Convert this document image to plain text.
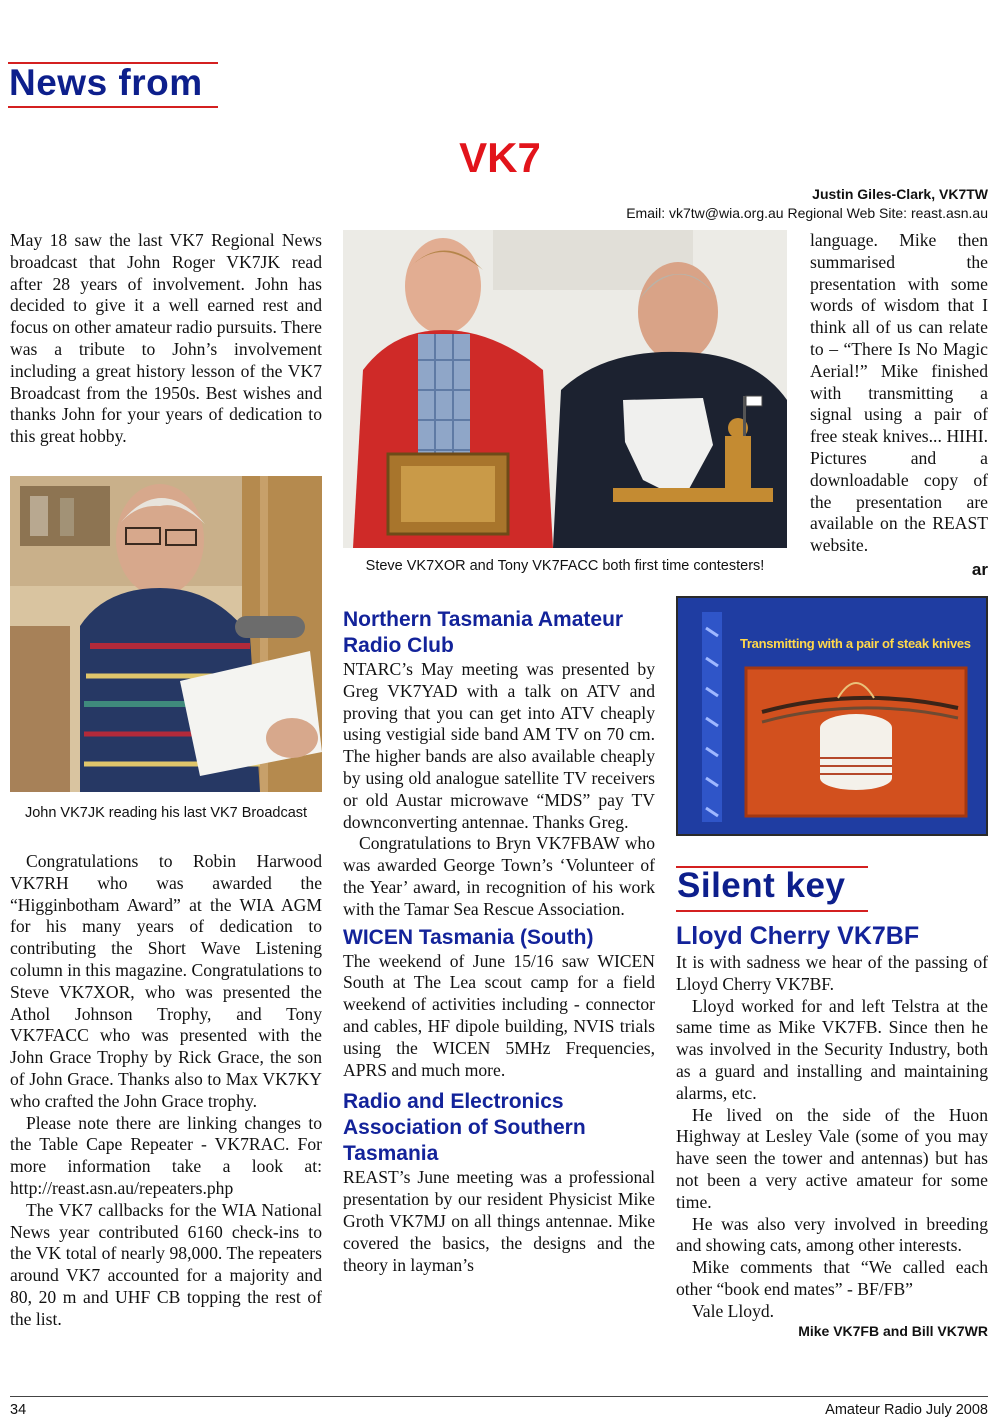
News from
VK7
Justin Giles-Clark, VK7TW
Email: vk7tw@wia.org.au Regional Web Site: reast.asn.au

May 18 saw the last VK7 Regional News broadcast that John Roger VK7JK read after 28 years of involvement. John has decided to give it a well earned rest and focus on other amateur radio pursuits. There was a tribute to John’s involvement including a great history lesson of the VK7 Broadcast from the 1950s. Best wishes and thanks John for your years of dedication to this great hobby.

John VK7JK reading his last VK7 Broadcast

Congratulations to Robin Harwood VK7RH who was awarded the “Higginbotham Award” at the WIA AGM for his many years of dedication to contributing the Short Wave Listening column in this magazine. Congratulations to Steve VK7XOR, who was presented the Athol Johnson Trophy, and Tony VK7FACC who was presented with the John Grace Trophy by Rick Grace, the son of John Grace. Thanks also to Max VK7KY who crafted the John Grace trophy.

Please note there are linking changes to the Table Cape Repeater - VK7RAC. For more information take a look at: http://reast.asn.au/repeaters.php

The VK7 callbacks for the WIA National News year contributed 6160 check-ins to the VK total of nearly 98,000. The repeaters around VK7 accounted for a majority and 80, 20 m and UHF CB topping the rest of the list.

Steve VK7XOR and Tony VK7FACC both first time contesters!
Northern Tasmania Amateur Radio Club

NTARC’s May meeting was presented by Greg VK7YAD with a talk on ATV and proving that you can get into ATV cheaply using vestigial side band AM TV on 70 cm. The higher bands are also available cheaply by using old analogue satellite TV receivers or old Austar microwave “MDS” pay TV downconverting antennae. Thanks Greg.

Congratulations to Bryn VK7FBAW who was awarded George Town’s ‘Volunteer of the Year’ award, in recognition of his work with the Tamar Sea Rescue Association.

WICEN Tasmania (South)

The weekend of June 15/16 saw WICEN South at The Lea scout camp for a field weekend of activities including - connector and cables, HF dipole building, NVIS trials using the WICEN 5MHz Frequencies, APRS and much more.

Radio and Electronics Association of Southern Tasmania

REAST’s June meeting was a professional presentation by our resident Physicist Mike Groth VK7MJ on all things antennae. Mike covered the basics, the designs and the theory in layman’s

language. Mike then summarised the presentation with some words of wisdom that I think all of us can relate to – “There Is No Magic Aerial!” Mike finished with transmitting a signal using a pair of free steak knives... HIHI. Pictures and a downloadable copy of the presentation are available on the REAST website.

ar
Transmitting with a pair of steak knives
Silent key
Lloyd Cherry VK7BF

It is with sadness we hear of the passing of Lloyd Cherry VK7BF.

Lloyd worked for and left Telstra at the same time as Mike VK7FB. Since then he was involved in the Security Industry, both as a guard and installing and maintaining alarms, etc.

He lived on the side of the Huon Highway at Lesley Vale (some of you may have seen the tower and antennas) but has not been a very active amateur for some time.

He was also very involved in breeding and showing cats, among other interests.

Mike comments that “We called each other “book end mates” - BF/FB”

Vale Lloyd.

Mike VK7FB and Bill VK7WR
34	Amateur Radio July 2008
